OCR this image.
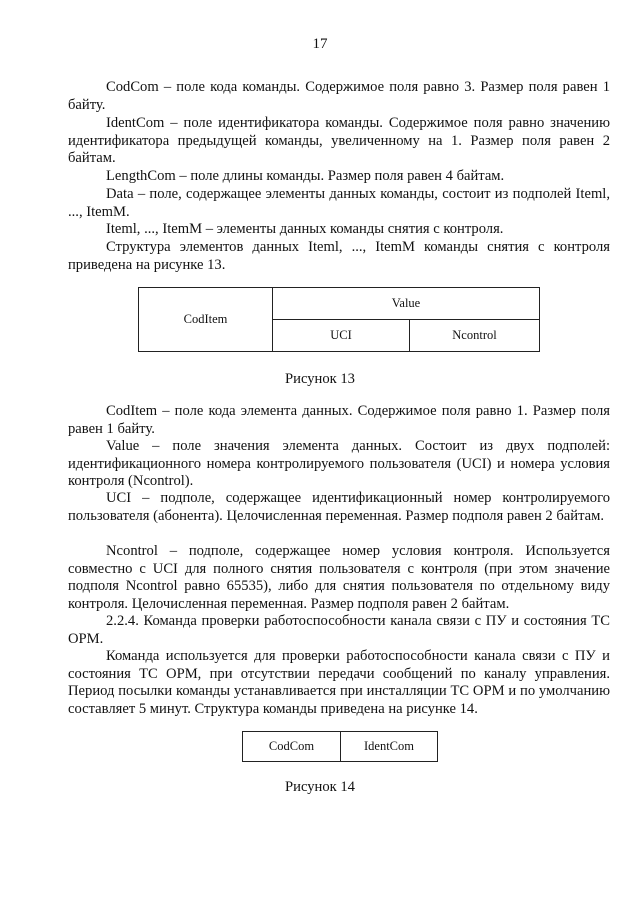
17

CodCom – поле кода команды. Содержимое поля равно 3. Размер поля равен 1 байту.

IdentCom – поле идентификатора команды. Содержимое поля равно значению идентификатора предыдущей команды, увеличенному на 1. Размер поля равен 2 байтам.

LengthCom – поле длины команды. Размер поля равен 4 байтам.

Data – поле, содержащее элементы данных команды, состоит из подполей Iteml, ..., ItemM.

Iteml, ..., ItemM – элементы данных команды снятия с контроля.

Структура элементов данных Iteml, ..., ItemM команды снятия с контроля приведена на рисунке 13.

CodItem	Value	
	UCI	Ncontrol
Рисунок 13

CodItem – поле кода элемента данных. Содержимое поля равно 1. Размер поля равен 1 байту.

Value – поле значения элемента данных. Состоит из двух подполей: идентификационного номера контролируемого пользователя (UCI) и номера условия контроля (Ncontrol).

UCI – подполе, содержащее идентификационный номер контролируемого пользователя (абонента). Целочисленная переменная. Размер подполя равен 2 байтам.

Ncontrol – подполе, содержащее номер условия контроля. Используется совместно с UCI для полного снятия пользователя с контроля (при этом значение подполя Ncontrol равно 65535), либо для снятия пользователя по отдельному виду контроля. Целочисленная переменная. Размер подполя равен 2 байтам.

2.2.4. Команда проверки работоспособности канала связи с ПУ и состояния ТС ОРМ.

Команда используется для проверки работоспособности канала связи с ПУ и состояния ТС ОРМ, при отсутствии передачи сообщений по каналу управления. Период посылки команды устанавливается при инсталляции ТС ОРМ и по умолчанию составляет 5 минут. Структура команды приведена на рисунке 14.

CodCom	IdentCom
Рисунок 14
